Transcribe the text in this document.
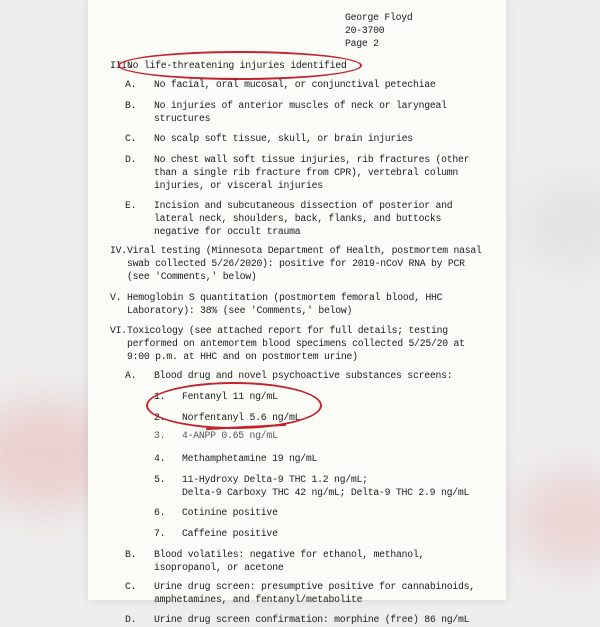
George Floyd

20-3700

Page 2

III.

No life-threatening injuries identified

A. No facial, oral mucosal, or conjunctival petechiae

B. No injuries of anterior muscles of neck or laryngeal

structures

C. No scalp soft tissue, skull, or brain injuries

D. No chest wall soft tissue injuries, rib fractures (other

than a single rib fracture from CPR), vertebral column

injuries, or visceral injuries

E. Incision and subcutaneous dissection of posterior and

lateral neck, shoulders, back, flanks, and buttocks

negative for occult trauma

IV. Viral testing (Minnesota Department of Health, postmortem nasal

swab collected 5/26/2020): positive for 2019-nCoV RNA by PCR

(see 'Comments,' below)

V. Hemoglobin S quantitation (postmortem femoral blood, HHC

Laboratory): 38% (see 'Comments,' below)

VI. Toxicology (see attached report for full details; testing

performed on antemortem blood specimens collected 5/25/20 at

9:00 p.m. at HHC and on postmortem urine)

A. Blood drug and novel psychoactive substances screens:

1. Fentanyl 11 ng/mL

2. Norfentanyl 5.6 ng/mL

3. 4-ANPP 0.65 ng/mL

4. Methamphetamine 19 ng/mL

5. 11-Hydroxy Delta-9 THC 1.2 ng/mL;

Delta-9 Carboxy THC 42 ng/mL; Delta-9 THC 2.9 ng/mL

6. Cotinine positive

7. Caffeine positive

B. Blood volatiles: negative for ethanol, methanol,

isopropanol, or acetone

C. Urine drug screen: presumptive positive for cannabinoids,

amphetamines, and fentanyl/metabolite

D. Urine drug screen confirmation: morphine (free) 86 ng/mL
